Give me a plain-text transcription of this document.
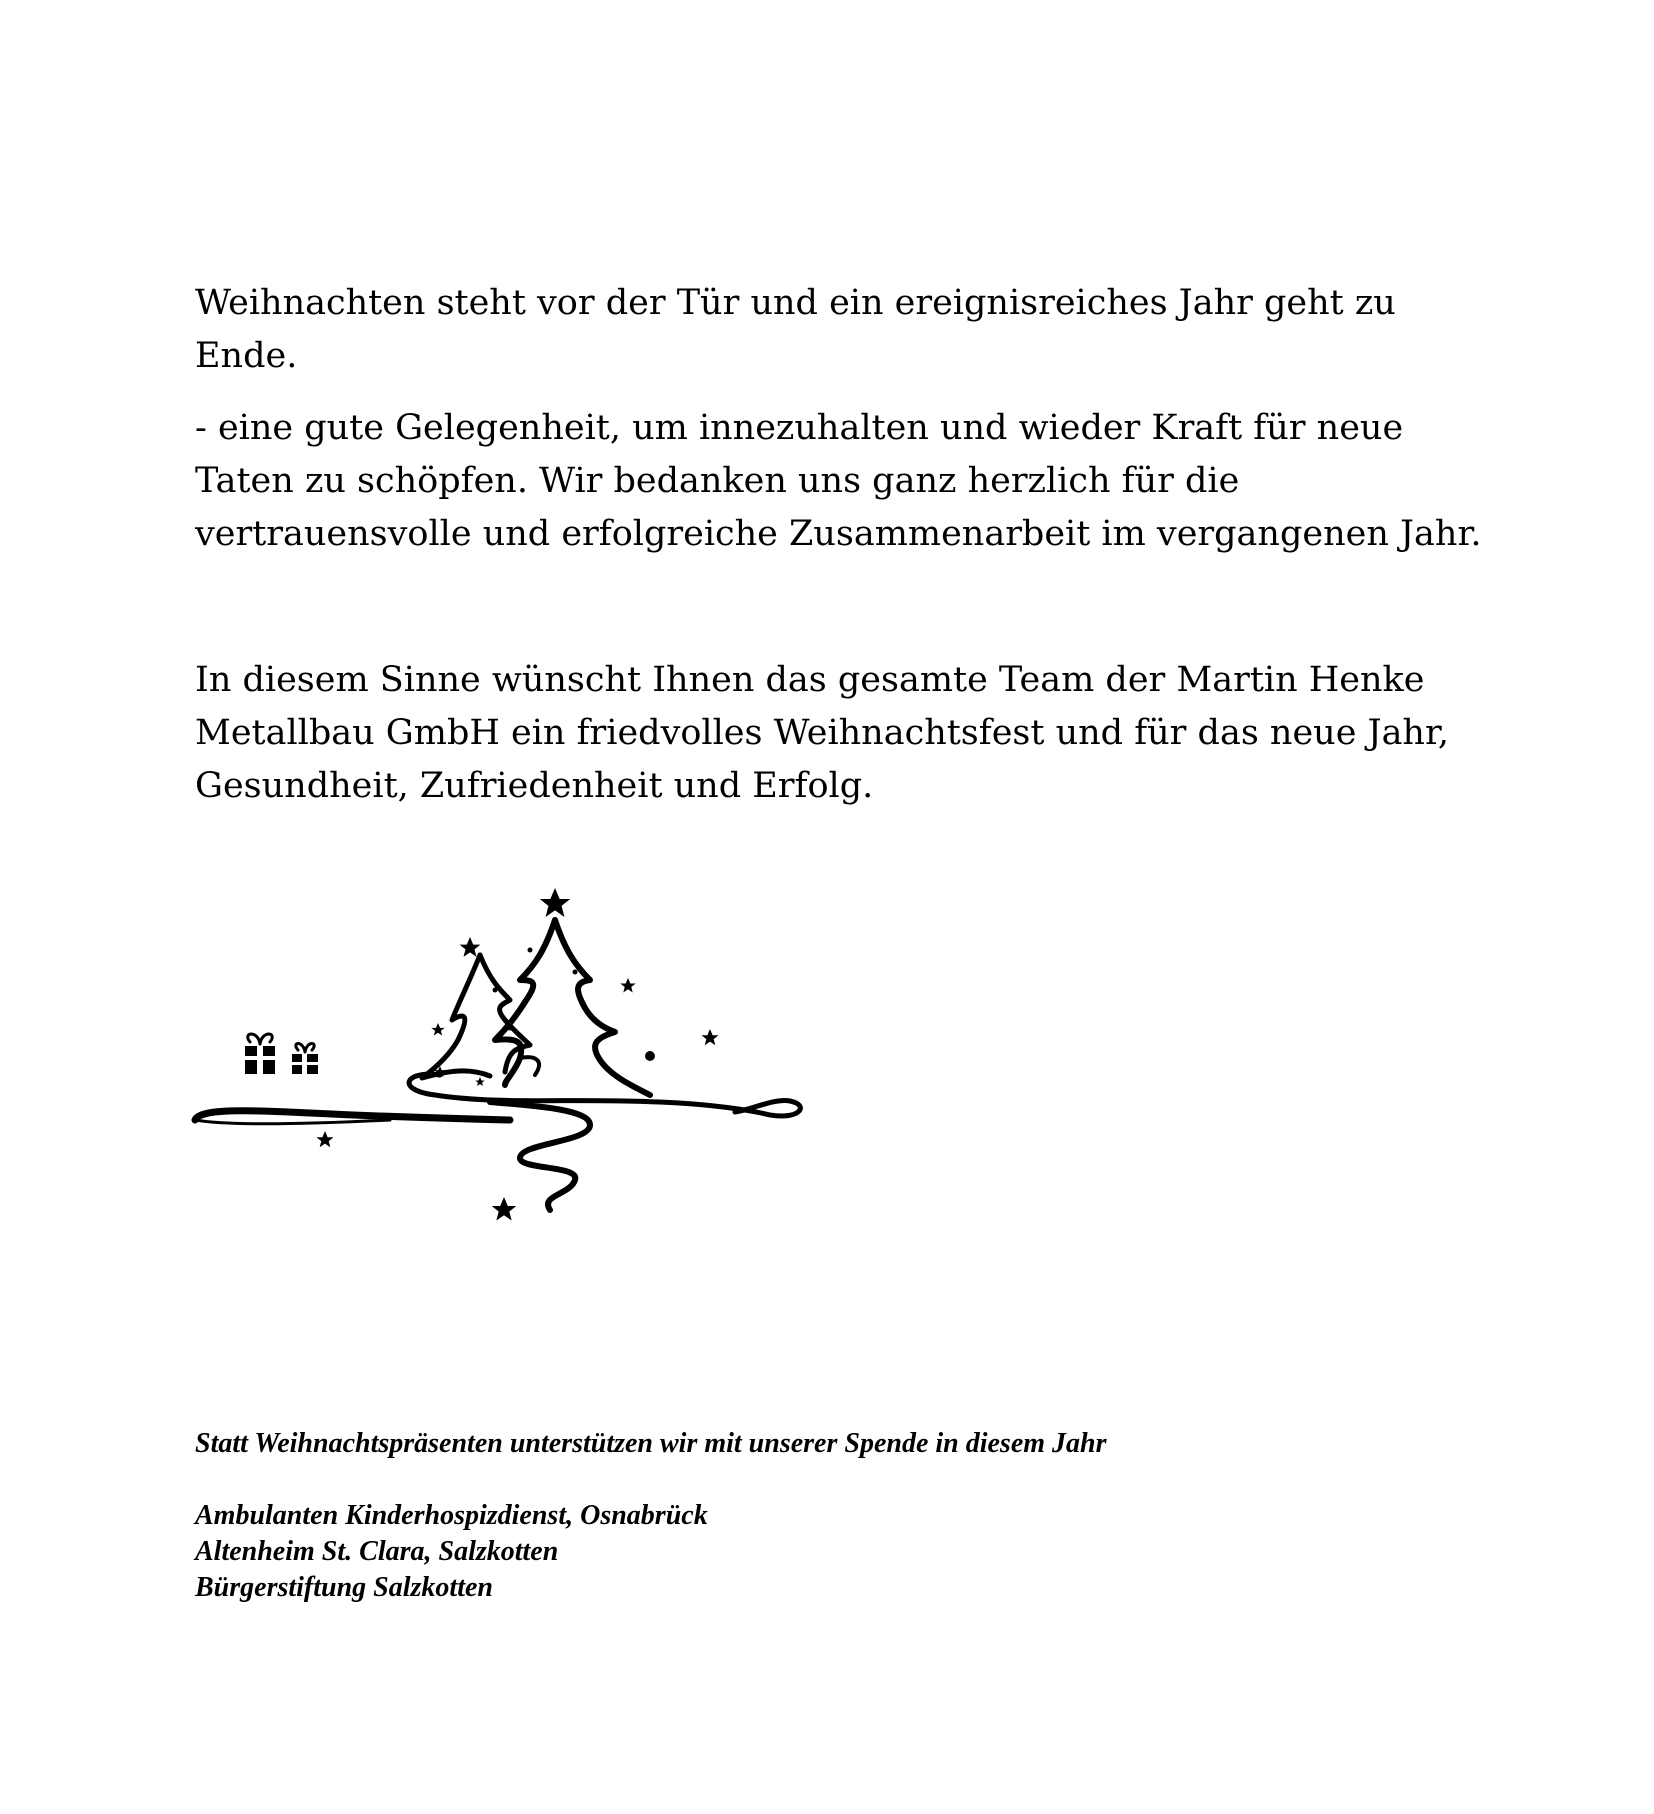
Weihnachten steht vor der Tür und ein ereignisreiches Jahr geht zu Ende.

- eine gute Gelegenheit, um innezuhalten und wieder Kraft für neue Taten zu schöpfen. Wir bedanken uns ganz herzlich für die vertrauensvolle und erfolgreiche Zusammenarbeit im vergangenen Jahr.

In diesem Sinne wünscht Ihnen das gesamte Team der Martin Henke Metallbau GmbH ein friedvolles Weihnachtsfest und für das neue Jahr, Gesundheit, Zufriedenheit und Erfolg.

Statt Weihnachtspräsenten unterstützen wir mit unserer Spende in diesem Jahr

Ambulanten Kinderhospizdienst, Osnabrück
Altenheim St. Clara, Salzkotten
Bürgerstiftung Salzkotten
